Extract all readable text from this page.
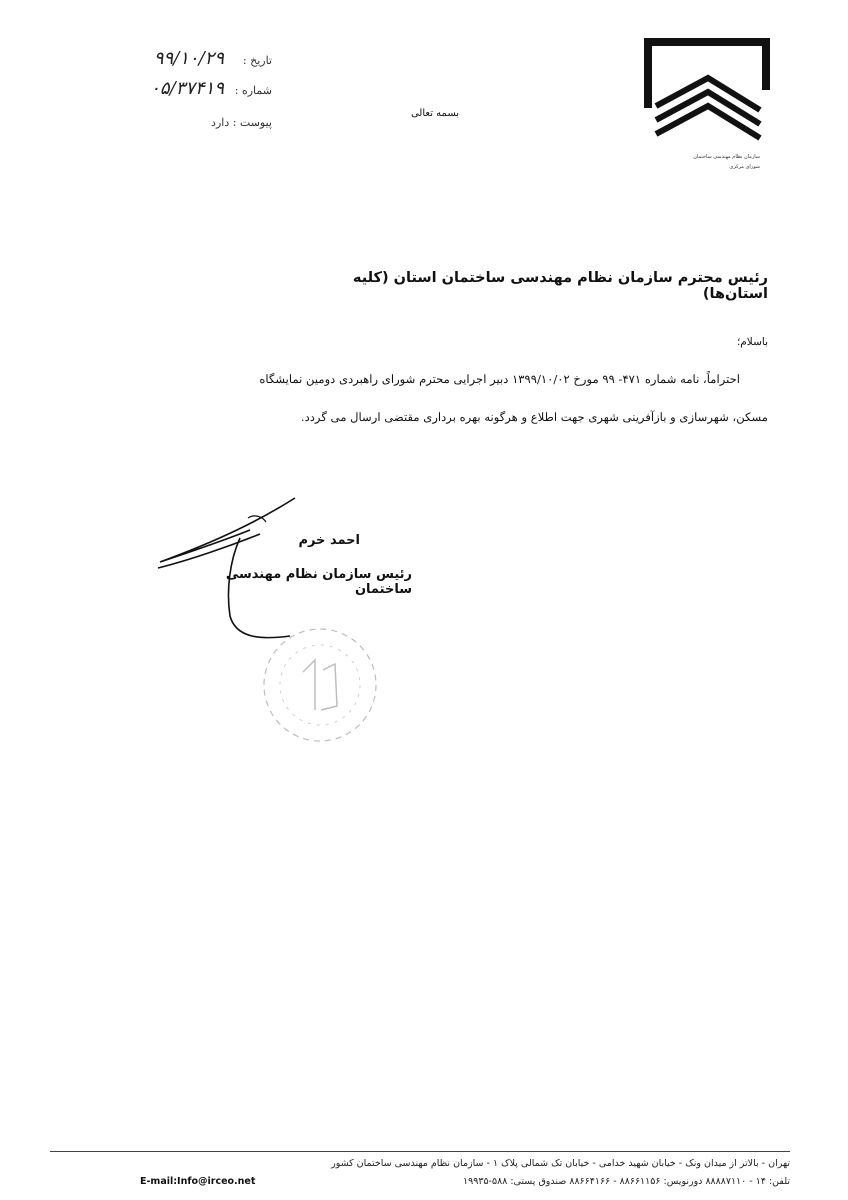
سازمان نظام مهندسی ساختمان
شورای مرکزی
بسمه تعالی
تاریخ :
۹۹/۱۰/۲۹
شماره :
۰۵/۳۷۴۱۹
پیوست : دارد
رئیس محترم سازمان نظام مهندسی ساختمان استان (کلیه استان‌ها)
باسلام؛
احتراماً، نامه شماره ۴۷۱- ۹۹ مورخ ۱۳۹۹/۱۰/۰۲ دبیر اجرایی محترم شورای راهبردی دومین نمایشگاه
مسکن، شهرسازی و بازآفرینی شهری جهت اطلاع و هرگونه بهره برداری مقتضی ارسال می گردد.
احمد خرم
رئیس سازمان نظام مهندسی ساختمان
تهران - بالاتر از میدان ونک - خیابان شهید خدامی - خیابان تک شمالی پلاک ۱ - سازمان نظام مهندسی ساختمان کشور
تلفن: ۱۴ - ۸۸۸۸۷۱۱۰ دورنویس: ۸۸۶۶۱۱۵۶ - ۸۸۶۶۴۱۶۶ صندوق پستی: ۵۸۸-۱۹۹۳۵
E-mail:Info@irceo.net
